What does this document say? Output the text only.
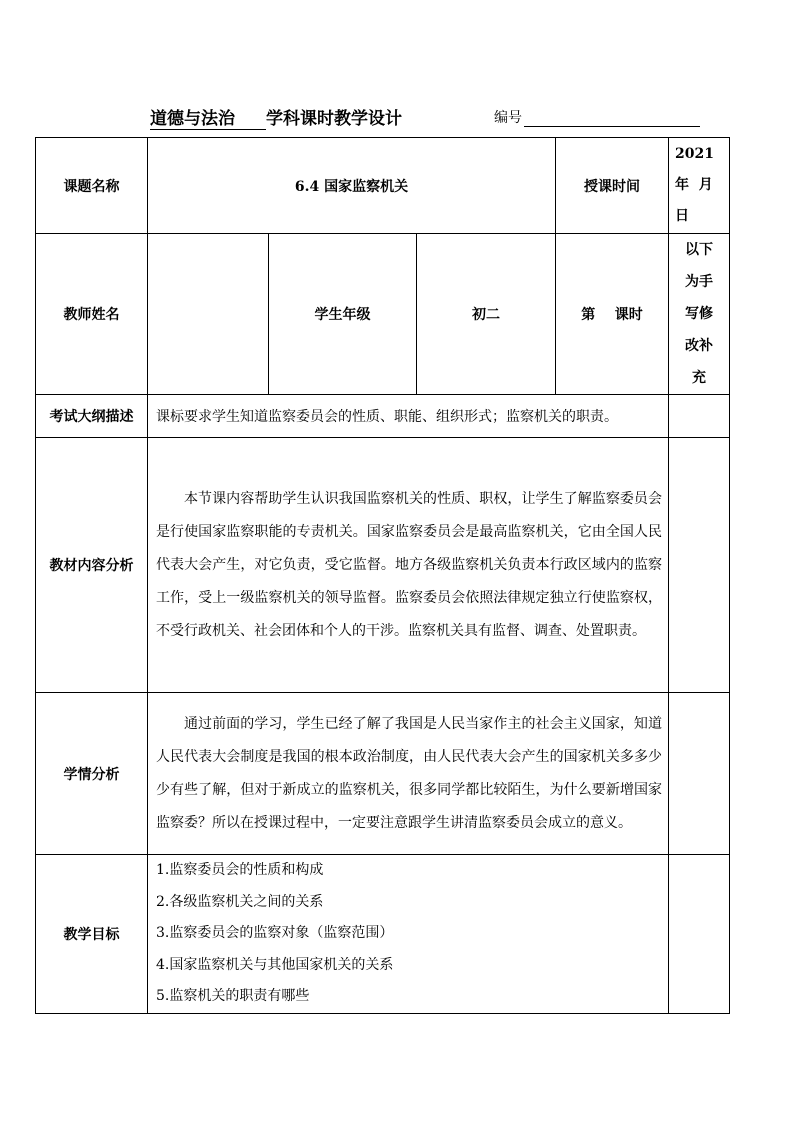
道德与法治 学科课时教学设计	编号
课题名称	6.4 国家监察机关			授课时间	2021
年  月
日

教师姓名		学生年级	初二	第    课时	以下
为手
写修
改补
充

考试大纲描述	课标要求学生知道监察委员会的性质、职能、组织形式；监察机关的职责。				
教材内容分析	本节课内容帮助学生认识我国监察机关的性质、职权，让学生了解监察委员会是行使国家监察职能的专责机关。国家监察委员会是最高监察机关，它由全国人民代表大会产生，对它负责，受它监督。地方各级监察机关负责本行政区域内的监察工作，受上一级监察机关的领导监督。监察委员会依照法律规定独立行使监察权，不受行政机关、社会团体和个人的干涉。监察机关具有监督、调查、处置职责。				
学情分析	通过前面的学习，学生已经了解了我国是人民当家作主的社会主义国家，知道人民代表大会制度是我国的根本政治制度，由人民代表大会产生的国家机关多多少少有些了解，但对于新成立的监察机关，很多同学都比较陌生，为什么要新增国家监察委？所以在授课过程中，一定要注意跟学生讲清监察委员会成立的意义。				
教学目标	1.监察委员会的性质和构成
2.各级监察机关之间的关系
3.监察委员会的监察对象（监察范围）
4.国家监察机关与其他国家机关的关系
5.监察机关的职责有哪些				
